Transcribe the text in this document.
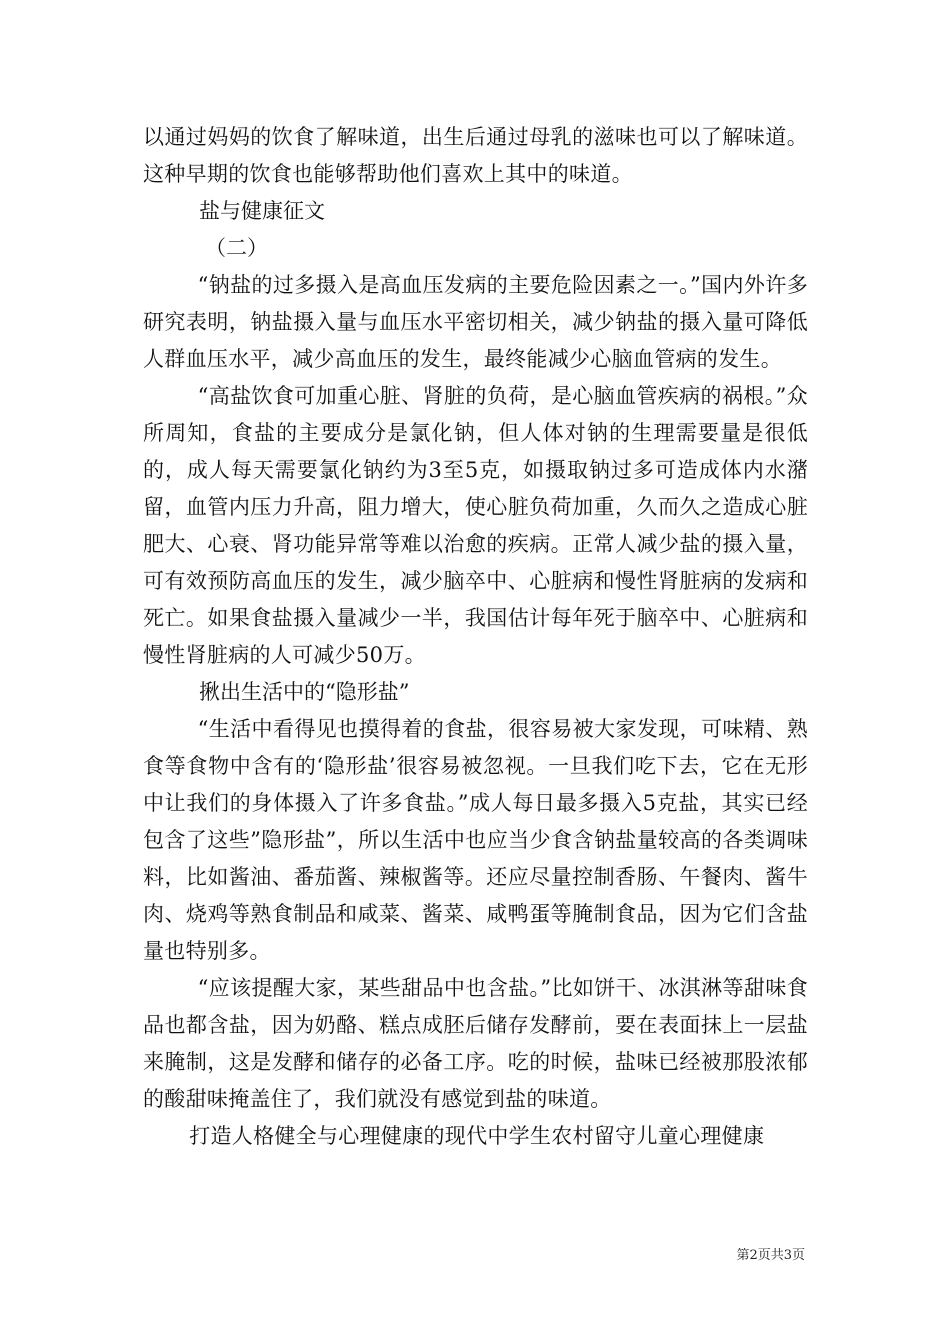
以通过妈妈的饮食了解味道，出生后通过母乳的滋味也可以了解味道。这种早期的饮食也能够帮助他们喜欢上其中的味道。

盐与健康征文

（二）

“钠盐的过多摄入是高血压发病的主要危险因素之一。”国内外许多研究表明，钠盐摄入量与血压水平密切相关，减少钠盐的摄入量可降低人群血压水平，减少高血压的发生，最终能减少心脑血管病的发生。

“高盐饮食可加重心脏、肾脏的负荷，是心脑血管疾病的祸根。”众所周知，食盐的主要成分是氯化钠，但人体对钠的生理需要量是很低的，成人每天需要氯化钠约为3至5克，如摄取钠过多可造成体内水潴留，血管内压力升高，阻力增大，使心脏负荷加重，久而久之造成心脏肥大、心衰、肾功能异常等难以治愈的疾病。正常人减少盐的摄入量，可有效预防高血压的发生，减少脑卒中、心脏病和慢性肾脏病的发病和死亡。如果食盐摄入量减少一半，我国估计每年死于脑卒中、心脏病和慢性肾脏病的人可减少50万。

揪出生活中的“隐形盐”

“生活中看得见也摸得着的食盐，很容易被大家发现，可味精、熟食等食物中含有的‘隐形盐’很容易被忽视。一旦我们吃下去，它在无形中让我们的身体摄入了许多食盐。”成人每日最多摄入5克盐，其实已经包含了这些”隐形盐”，所以生活中也应当少食含钠盐量较高的各类调味料，比如酱油、番茄酱、辣椒酱等。还应尽量控制香肠、午餐肉、酱牛肉、烧鸡等熟食制品和咸菜、酱菜、咸鸭蛋等腌制食品，因为它们含盐量也特别多。

“应该提醒大家，某些甜品中也含盐。”比如饼干、冰淇淋等甜味食品也都含盐，因为奶酪、糕点成胚后储存发酵前，要在表面抹上一层盐来腌制，这是发酵和储存的必备工序。吃的时候，盐味已经被那股浓郁的酸甜味掩盖住了，我们就没有感觉到盐的味道。

打造人格健全与心理健康的现代中学生农村留守儿童心理健康

第2页共3页
